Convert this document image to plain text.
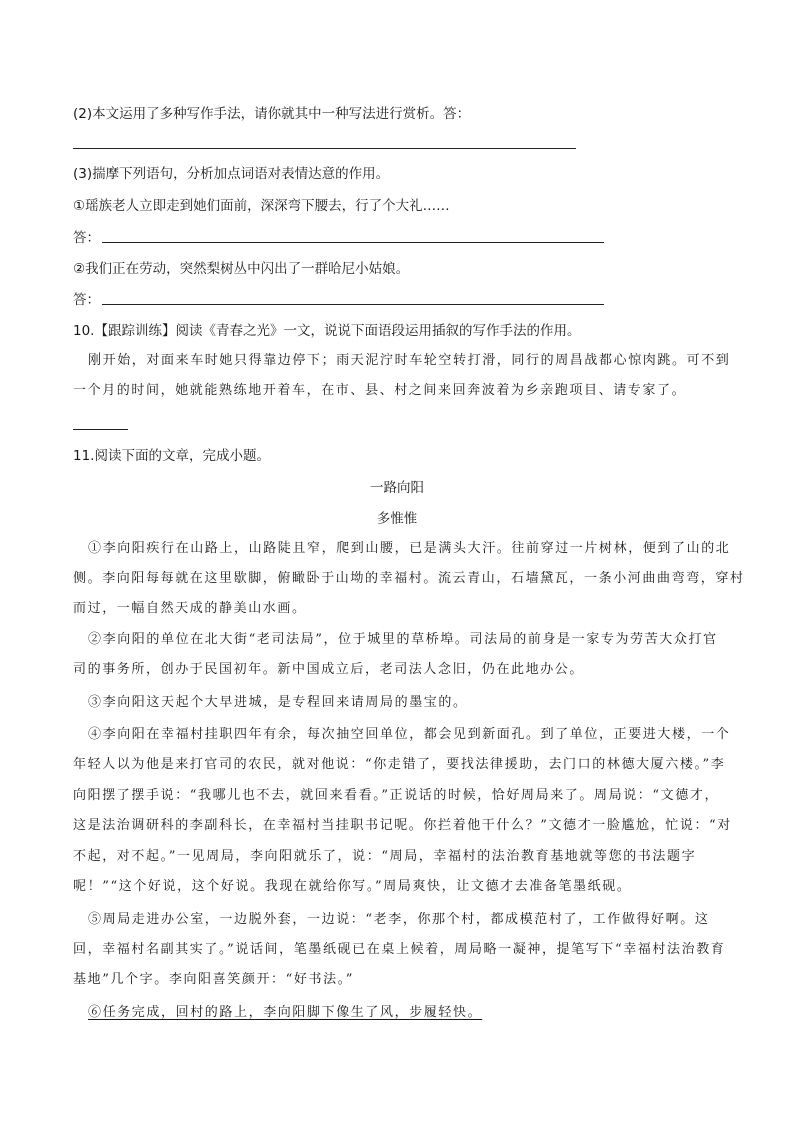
(2)本文运用了多种写作手法，请你就其中一种写法进行赏析。答：
(3)揣摩下列语句，分析加点词语对表情达意的作用。
①瑶族老人立即走到她们面前，深深弯下腰去，行了个大礼……
答：
②我们正在劳动，突然梨树丛中闪出了一群哈尼小姑娘。
答：
10.【跟踪训练】阅读《青春之光》一文，说说下面语段运用插叙的写作手法的作用。
刚开始，对面来车时她只得靠边停下；雨天泥泞时车轮空转打滑，同行的周昌战都心惊肉跳。可不到
一个月的时间，她就能熟练地开着车，在市、县、村之间来回奔波着为乡亲跑项目、请专家了。
11.阅读下面的文章，完成小题。
一路向阳
多惟惟
①李向阳疾行在山路上，山路陡且窄，爬到山腰，已是满头大汗。往前穿过一片树林，便到了山的北
侧。李向阳每每就在这里歇脚，俯瞰卧于山坳的幸福村。流云青山，石墙黛瓦，一条小河曲曲弯弯，穿村
而过，一幅自然天成的静美山水画。
②李向阳的单位在北大街“老司法局”，位于城里的草桥埠。司法局的前身是一家专为劳苦大众打官
司的事务所，创办于民国初年。新中国成立后，老司法人念旧，仍在此地办公。
③李向阳这天起个大早进城，是专程回来请周局的墨宝的。
④李向阳在幸福村挂职四年有余，每次抽空回单位，都会见到新面孔。到了单位，正要进大楼，一个
年轻人以为他是来打官司的农民，就对他说：“你走错了，要找法律援助，去门口的林德大厦六楼。”李
向阳摆了摆手说：“我哪儿也不去，就回来看看。”正说话的时候，恰好周局来了。周局说：“文德才，
这是法治调研科的李副科长，在幸福村当挂职书记呢。你拦着他干什么？”文德才一脸尴尬，忙说：“对
不起，对不起。”一见周局，李向阳就乐了，说：“周局，幸福村的法治教育基地就等您的书法题字
呢！”“这个好说，这个好说。我现在就给你写。”周局爽快，让文德才去准备笔墨纸砚。
⑤周局走进办公室，一边脱外套，一边说：“老李，你那个村，都成模范村了，工作做得好啊。这
回，幸福村名副其实了。”说话间，笔墨纸砚已在桌上候着，周局略一凝神，提笔写下“幸福村法治教育
基地”几个字。李向阳喜笑颜开：“好书法。”
⑥任务完成，回村的路上，李向阳脚下像生了风，步履轻快。
